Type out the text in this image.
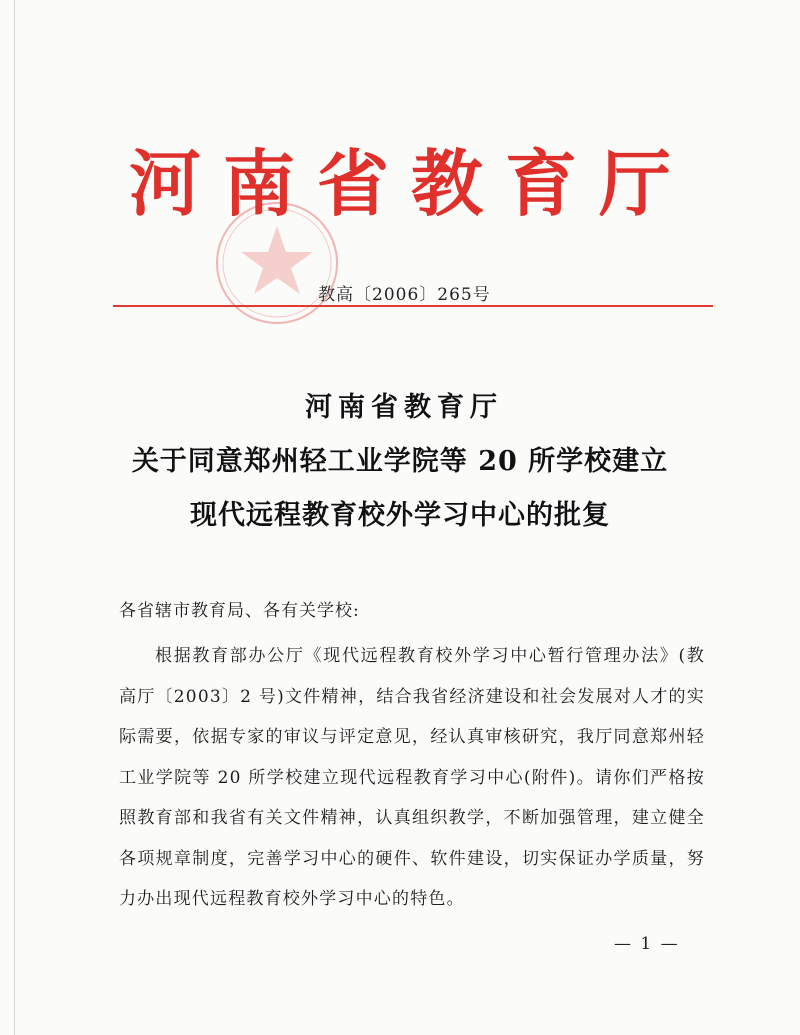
河南省教育厅
教高〔2006〕265号
河南省教育厅
关于同意郑州轻工业学院等 20 所学校建立
现代远程教育校外学习中心的批复
各省辖市教育局、各有关学校:
根据教育部办公厅《现代远程教育校外学习中心暂行管理办法》(教高厅〔2003〕2 号)文件精神，结合我省经济建设和社会发展对人才的实际需要，依据专家的审议与评定意见，经认真审核研究，我厅同意郑州轻工业学院等 20 所学校建立现代远程教育学习中心(附件)。请你们严格按照教育部和我省有关文件精神，认真组织教学，不断加强管理，建立健全各项规章制度，完善学习中心的硬件、软件建设，切实保证办学质量，努力办出现代远程教育校外学习中心的特色。
— 1 —
